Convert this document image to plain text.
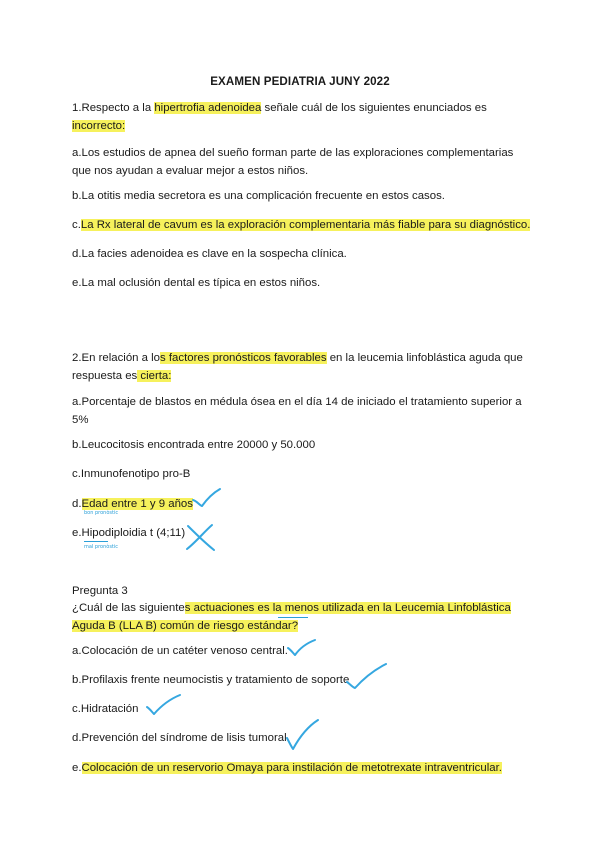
EXAMEN PEDIATRIA JUNY 2022
1.Respecto a la hipertrofia adenoidea señale cuál de los siguientes enunciados es
incorrecto:
a.Los estudios de apnea del sueño forman parte de las exploraciones complementarias que nos ayudan a evaluar mejor a estos niños.
b.La otitis media secretora es una complicación frecuente en estos casos.
c.La Rx lateral de cavum es la exploración complementaria más fiable para su diagnóstico.
d.La facies adenoidea es clave en la sospecha clínica.
e.La mal oclusión dental es típica en estos niños.
2.En relación a los factores pronósticos favorables en la leucemia linfoblástica aguda que respuesta es cierta:
a.Porcentaje de blastos en médula ósea en el día 14 de iniciado el tratamiento superior a 5%
b.Leucocitosis encontrada entre 20000 y 50.000
c.Inmunofenotipo pro-B
d.Edad entre 1 y 9 años
bon pronòstic
e.Hipodiploidia t (4;11)
mal pronòstic
Pregunta 3
¿Cuál de las siguientes actuaciones es la menos utilizada en la Leucemia Linfoblástica Aguda B (LLA B) común de riesgo estándar?
a.Colocación de un catéter venoso central.
b.Profilaxis frente neumocistis y tratamiento de soporte
c.Hidratación
d.Prevención del síndrome de lisis tumoral.
e.Colocación de un reservorio Omaya para instilación de metotrexate intraventricular.
